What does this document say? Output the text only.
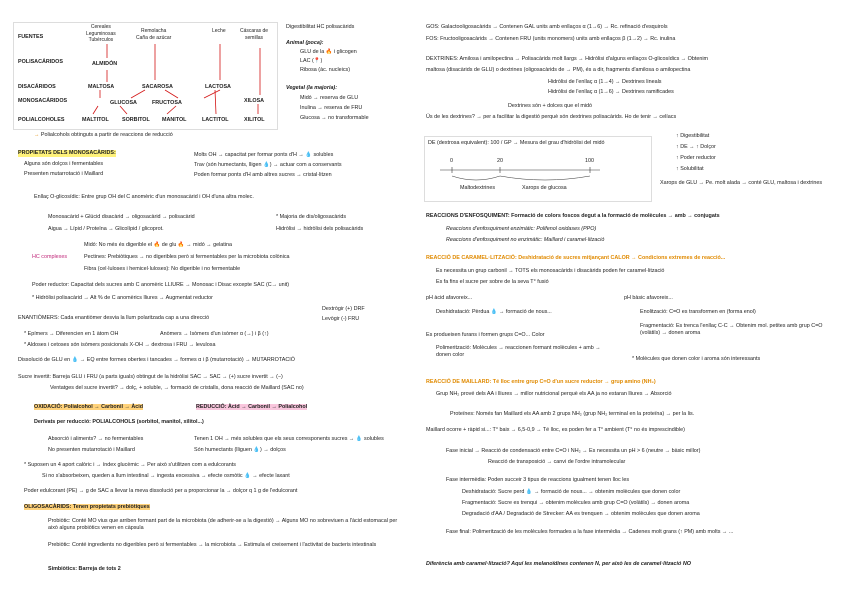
FUENTES
POLISACÁRIDOS
DISACÁRIDOS
MONOSACÁRIDOS
POLIALCOHOLES
Cereales
Leguminosas
Tubérculos
Remolacha
Caña de azúcar
Leche	Cáscaras de
semillas
ALMIDÓN
MALTOSA	SACAROSA	LACTOSA
GLUCOSA	FRUCTOSA	XILOSA
MALTITOL SORBITOL MANITOL	LACTITOL	XILITOL
→ Polialcohols obtinguts a partir de reaccions de reducció
Digestibilitat HC polisacàrids
Animal (poca):
GLU de la 🔥 i glicogen
LAC (📍)
Ribosa (àc. nucleics)
Vegetal (la majoria):
Midó → reserva de GLU
Inulina → reserva de FRU
Glucosa → no transformable
PROPIETATS DELS MONOSACÀRIDS:
Alguns són dolços i fermentables
Presenten mutarrotació i Maillard
Molts OH → capacitat per formar ponts d'H → 💧 solubles
Trav (són humectants, lligen 💧) → actuar com a conservants
Poden formar ponts d'H amb altres sucres → cristal·litzen
Enllaç O-glicosídic: Entre grup OH del C anomèric d'un monosacàrid i OH d'una altra molec.
Monosacàrid + Glúcid disacàrid → oligosacàrid → polisacàrid
Aigua → Lípid / Proteïna → Glicolípid / glicoprot.
* Majoria de dis/oligosacàrids
Hidròlisi → hidròlisi dels polisacàrids
Midó: No més és digerible el 🔥 de glu 🔥 → midó → gelatina
HC complexes	Pectines: Prebiòtiques → no digeribles però si fermentables per la microbiota colònica
Fibra (cel·luloses i hemicel·luloses): No digerible i no fermentable
Poder reductor: Capacitat dels sucres amb C anomèric LLIURE → Monosac i Disac excepte SAC (C→ unit)
* Hidròlisi polisacàrid → Alt % de C anomèrics lliures → Augmentat reductor
Dextrògir (+) DRF
Levògir (-) FRU
ENANTIÒMERS: Cada enantiòmer desvia la llum polaritzada cap a una direcció
* Epímers → Diferencien en 1 àtom OH	Anòmers → Isòmers d'un isòmer α (→) i β (↑)
* Aldoses i cetoses són isòmers posicionals X-OH → dextrosa i FRU → levulosa
Dissolució de GLU en 💧 → EQ entre formes obertes i tancades → formes α i β (mutarrotació) → MUTARROTACIÓ
Sucre invertit: Barreja GLU i FRU (a parts iguals) obtingut de la hidròlisi SAC → SAC → (+) sucre invertit → (−)
Ventatges del sucre invertit? → dolç, + soluble, → formació de cristalls, dona reacció de Maillard (SAC no)
OXIDACIÓ: Polialcohol → Carbonil → Àcid	REDUCCIÓ: Àcid → Carbonil → Polialcohol
Derivats per reducció: POLIALCOHOLS (sorbitol, manitol, xilitol...)
Absorció i aliments? → no fermentables
No presenten mutarrotació i Maillard
Tenen 1 OH → més solubles que els seus corresponents sucres → 💧 solubles
Són humectants (lliguen 💧) → dolços
* Suposen un 4 aport calòric i → índex glucèmic → Per això s'utilitzen com a edulcorants
Si no s'absorbeixen, queden a llum intestinal → ingesta excessiva → efecte osmòtic 💧 → efecte laxant
Poder edulcorant (PE) → g de SAC a llevar la meva dissolució per a proporcionar la → dolçor q 1 g de l'edulcorant
OLIGOSACÀRIDS: Tenen propietats prebiòtiques
Probiòtic: Conté MO vius que arriben formant part de la microbiota (de adherir-se a la digestió) → Alguns MO no sobreviuen a l'àcid estomacal per això alguns probiòtics venen en càpsula
Prebiòtic: Conté ingredients no digeribles però si fermentables → la microbiota → Estimula el creixement i l'activitat de bacteris intestinals
Simbiòtics: Barreja de tots 2
GOS: Galactooligosacàrids → Contenen GAL units amb enllaços α (1→6) → Rc. refinació d'esquirols
FOS: Fructooligosacàrids → Contenen FRU (units monomers) units amb enllaços β (1→2) → Rc. inulina
DEXTRINES: Amilosa i amilopectina → Polisacàrids molt llargs → Hidròlisi d'alguns enllaços O-glicosídics → Obtenim
maltosa (disacàrids de GLU) o dextrines (oligosacàrids de → PM), és a dir, fragments d'amilosa o amilopectina
Hidròlisi de l'enllaç α (1→4) → Dextrines lineals
Hidròlisi de l'enllaç α (1→6) → Dextrines ramificades
Dextrines són + dolces que el midó
Ús de les dextrines? → per a facilitar la digestió perquè són dextrines polisacàrids. Ho de tenir → celíacs
DE (dextrosa equivalent): 100 / GP → Mesura del grau d'hidròlisi del midó
0	20	100
Maltodextrines	Xarops de glucosa
↑ Digestibilitat
↑ DE → ↑ Dolçor
↑ Poder reductor
↑ Solubilitat
Xarops de GLU → Pe. molt alada → conté GLU, maltosa i dextrines
REACCIONS D'ENFOSQUIMENT: Formació de colors foscos degut a la formació de molècules → amb → conjugats
Reaccions d'enfosquiment enzimàtic: Polifenol oxidases (PPO)
Reaccions d'enfosquiment no enzimàtic: Maillard i caramel·lització
REACCIÓ DE CARAMEL·LITZACIÓ: Deshidratació de sucres mitjançant CALOR → Condicions extremes de reacció...
Es necessita un grup carbonil → TOTS els monosacàrids i disacàrids poden fer caramel·lització
Es fa fins el sucre per sobre de la seva T° fusió
pH àcid afavoreix...	pH bàsic afavoreix...
Deshidratació: Pèrdua 💧 → formació de nous...	Enolització: C=O es transformen en (forma enol)
Fragmentació: Es trenca l'enllaç C-C → Obtenim mol. petites amb grup C=O (volàtils) → donen aroma
Es produeixen furans i formen grups C=O... Color
Polimerització: Molècules → reaccionen formant molècules + amb → donen color
* Molècules que donen color i aroma són interessants
REACCIÓ DE MAILLARD: Té lloc entre grup C=O d'un sucre reductor → grup amino (NH₂)
Grup NH₂ prové dels AA i lliures → millor nutricional perquè els AA ja no estaran lliures → Absorció
Proteïnes: Només fan Maillard els AA amb 2 grups NH₂ (grup NH₂ terminal en la proteïna) → per la lis.
Maillard ocorre + ràpid si...: T° baix → 6,5-0,9 → Té lloc, es poden fer a T° ambient (T° no és imprescindible)
Fase inicial → Reacció de condensació entre C=O i NH₂ → Es necessita un pH > 6 (neutre → bàsic millor)
Reacció de transposició → canvi de l'ordre intramolecular
Fase intermèdia: Poden succeir 3 tipus de reaccions igualment tenen lloc les
Deshidratació: Sucre perd 💧 → formació de nous... → obtenim molècules que donen color
Fragmentació: Sucre es trenqui → obtenim molècules amb grup C=O (volàtils) → donen aroma
Degradació d'AA / Degradació de Strecker: AA es trenquen → obtenim molècules que donen aroma
Fase final: Polimerització de les molècules formades a la fase intermèdia → Cadenes molt grans (↑ PM) amb molts → ...
Diferència amb caramel·lització? Aquí les melanoïdines contenen N, per això les de caramel·lització NO
